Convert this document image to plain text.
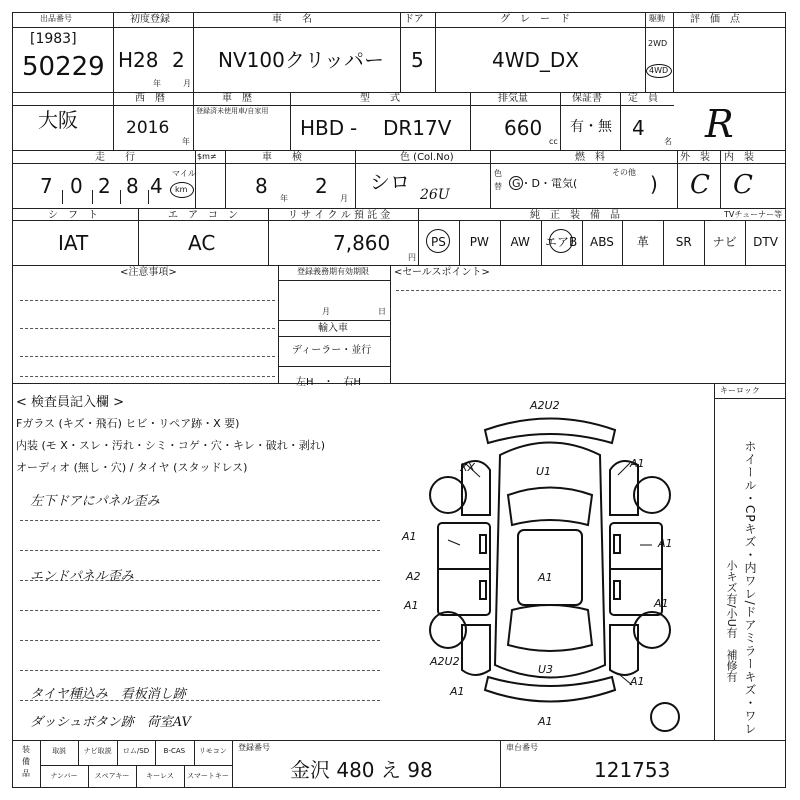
出品番号
[1983]
50229
初度登録
H28 2
年	月
車　　名
NV100クリッパー
ドア
5
グ　レ　ー　ド
4WD_DX
駆動
2WD
4WD
評　価　点
R
大阪
西　暦
2016
年
車　歴
登録済未使用車/自家用
型　　式
HBD - DR17V
排気量
660
cc
保証書
有・無
定　員
4
名
走　　行	$m≠
7 0 2 8 4
マイル
km
車　　検
8
年
2
月
色 (Col.No)
シロ
26U
色
替
燃　料
G・D・電気(
その他 )
外　装
C
内　装
C
PS	PW	AW	エアB	ABS	革	SR	ナビ	DTV
シ　フ　ト
IAT
エ　ア　コ　ン
AC
リ サ イ ク ル 預 託 金
7,860
円
純　正　装　備　品	TVチューナー等
<注意事項>	登録義務期有効期限
月	日
輸入車
ディーラー・並行
左H　・　右H
<セールスポイント>
キーロック
< 検査員記入欄 >
Fガラス (キズ・飛石) ヒビ・リペア跡・X 要)
内装 (モ X・スレ・汚れ・シミ・コゲ・穴・キレ・破れ・剥れ)
オーディオ (無し・穴) / タイヤ (スタッドレス)
左下ドアにパネル歪み
エンドパネル歪み
タイヤ種込み　看板消し跡
ダッシュボタン跡　荷室AV	ホイール・CPキズ・内ワレ/ドアミラーキズ・ワレ
小キズ有/小U有　補修有
A2U2
U1
XX	A1
A1
A1
A2	A1
A1	A1
A1
U3
A1
A1
A2U2
装
備
品
取説	ナビ取説	ロム/SD	B-CAS	リモコン
ナンバー	スペアキー	キーレス	スマートキー
登録番号
金沢 480 え 98
車台番号
121753
